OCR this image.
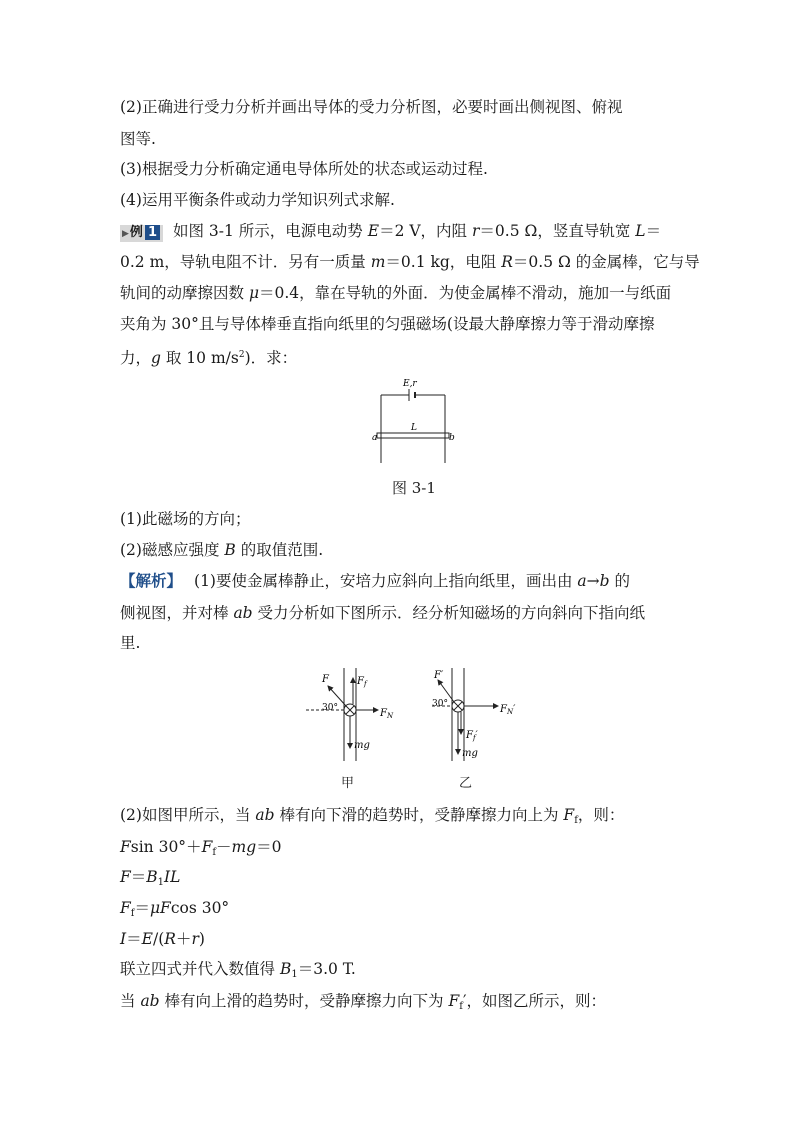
(2)正确进行受力分析并画出导体的受力分析图，必要时画出侧视图、俯视
图等.
(3)根据受力分析确定通电导体所处的状态或运动过程.
(4)运用平衡条件或动力学知识列式求解.
▶例 1 如图 3-1 所示，电源电动势 E＝2 V，内阻 r＝0.5 Ω，竖直导轨宽 L＝
0.2 m，导轨电阻不计．另有一质量 m＝0.1 kg，电阻 R＝0.5 Ω 的金属棒，它与导
轨间的动摩擦因数 μ＝0.4，靠在导轨的外面．为使金属棒不滑动，施加一与纸面
夹角为 30°且与导体棒垂直指向纸里的匀强磁场(设最大静摩擦力等于滑动摩擦
力，g 取 10 $m/s^2$)．求：
E,r
L
a	b
图 3-1
(1)此磁场的方向；
(2)磁感应强度 B 的取值范围.
【解析】 (1)要使金属棒静止，安培力应斜向上指向纸里，画出由 a→b 的
侧视图，并对棒 ab 受力分析如下图所示．经分析知磁场的方向斜向下指向纸
里.
F	$F_f$
30°	$F_N$
mg
F′
30°	$F_N'$
$F_f'$
mg
甲	乙
(2)如图甲所示，当 ab 棒有向下滑的趋势时，受静摩擦力向上为 $F_f$，则：
Fsin $30^\circ+F_f-mg=0$
$F=B_1IL$
$F_f=\mu Fcos$ 30°
I＝E/(R＋r)
联立四式并代入数值得 $B_1=3.0$ T.
当 ab 棒有向上滑的趋势时，受静摩擦力向下为 $F_f'$，如图乙所示，则：
